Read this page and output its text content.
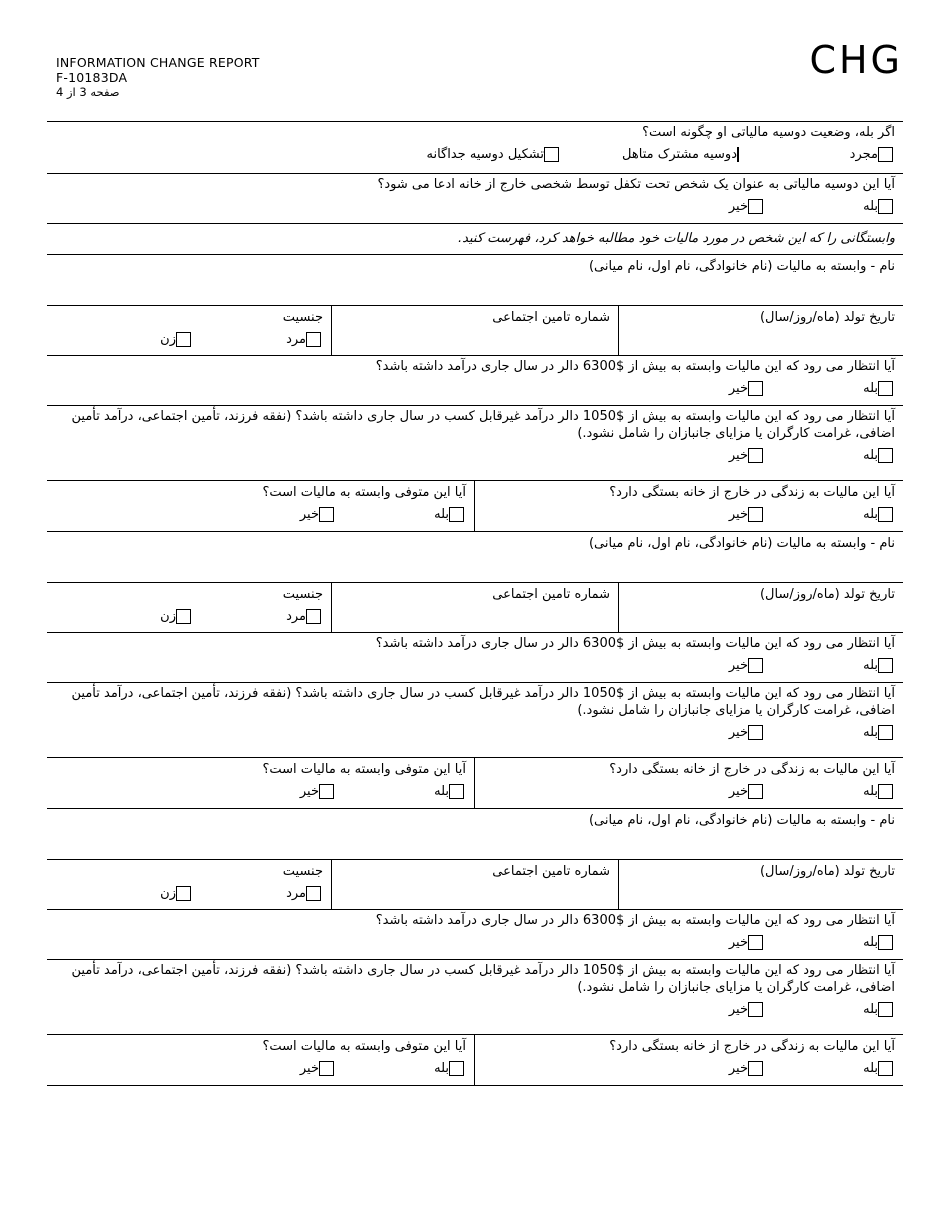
INFORMATION CHANGE REPORT
F-10183DA
صفحه 3 از 4
CHG
اگر بله، وضعیت دوسیه مالیاتی او چگونه است؟
مجرد
دوسیه مشترک متاهل
تشکیل دوسیه جداگانه
آیا این دوسیه مالیاتی به عنوان یک شخص تحت تکفل توسط شخصی خارج از خانه ادعا می شود؟
بله
خیر
وابستگانی را که این شخص در مورد مالیات خود مطالبه خواهد کرد، فهرست کنید.
نام - وابسته به مالیات (نام خانوادگی، نام اول، نام میانی)
تاریخ تولد (ماه/روز/سال)
شماره تامین اجتماعی
جنسیت
مرد
زن
آیا انتظار می رود که این مالیات وابسته به بیش از $6300 دالر در سال جاری درآمد داشته باشد؟
بله
خیر
آیا انتظار می رود که این مالیات وابسته به بیش از $1050 دالر درآمد غیرقابل کسب در سال جاری داشته باشد؟ (نفقه فرزند، تأمین اجتماعی، درآمد تأمین اضافی، غرامت کارگران یا مزایای جانبازان را شامل نشود.)
بله
خیر
آیا این مالیات به زندگی در خارج از خانه بستگی دارد؟
بله
خیر
آیا این متوفی وابسته به مالیات است؟
بله
خیر
نام - وابسته به مالیات (نام خانوادگی، نام اول، نام میانی)
تاریخ تولد (ماه/روز/سال)
شماره تامین اجتماعی
جنسیت
مرد
زن
آیا انتظار می رود که این مالیات وابسته به بیش از $6300 دالر در سال جاری درآمد داشته باشد؟
بله
خیر
آیا انتظار می رود که این مالیات وابسته به بیش از $1050 دالر درآمد غیرقابل کسب در سال جاری داشته باشد؟ (نفقه فرزند، تأمین اجتماعی، درآمد تأمین اضافی، غرامت کارگران یا مزایای جانبازان را شامل نشود.)
بله
خیر
آیا این مالیات به زندگی در خارج از خانه بستگی دارد؟
بله
خیر
آیا این متوفی وابسته به مالیات است؟
بله
خیر
نام - وابسته به مالیات (نام خانوادگی، نام اول، نام میانی)
تاریخ تولد (ماه/روز/سال)
شماره تامین اجتماعی
جنسیت
مرد
زن
آیا انتظار می رود که این مالیات وابسته به بیش از $6300 دالر در سال جاری درآمد داشته باشد؟
بله
خیر
آیا انتظار می رود که این مالیات وابسته به بیش از $1050 دالر درآمد غیرقابل کسب در سال جاری داشته باشد؟ (نفقه فرزند، تأمین اجتماعی، درآمد تأمین اضافی، غرامت کارگران یا مزایای جانبازان را شامل نشود.)
بله
خیر
آیا این مالیات به زندگی در خارج از خانه بستگی دارد؟
بله
خیر
آیا این متوفی وابسته به مالیات است؟
بله
خیر
